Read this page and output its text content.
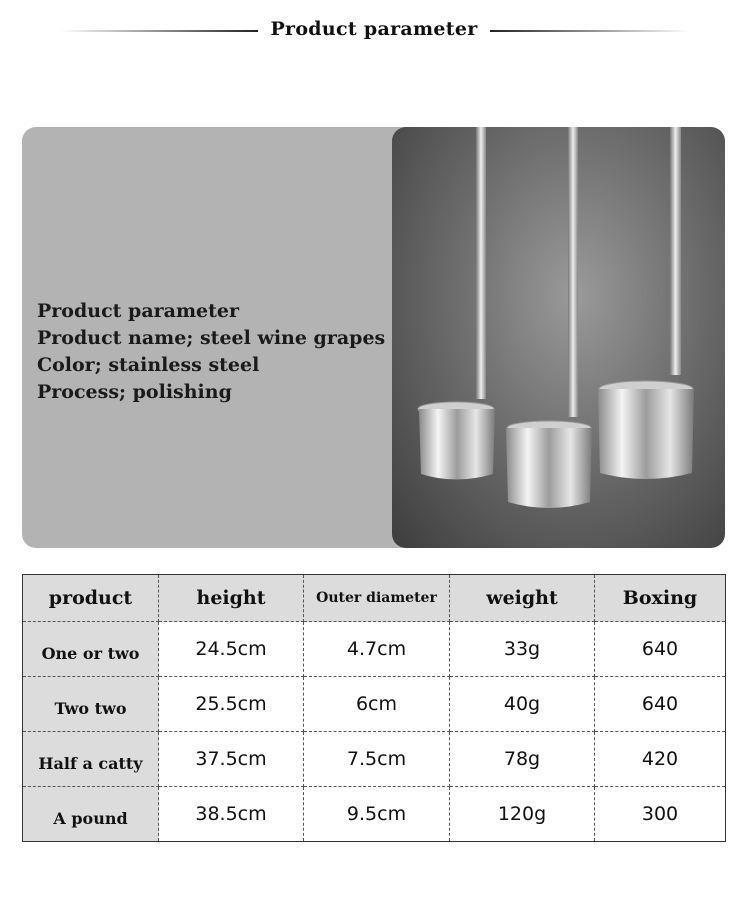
Product parameter
Product parameter
Product name; steel wine grapes
Color; stainless steel
Process; polishing
product	height	Outer diameter	weight	Boxing
One or two	24.5cm	4.7cm	33g	640
Two two	25.5cm	6cm	40g	640
Half a catty	37.5cm	7.5cm	78g	420
A pound	38.5cm	9.5cm	120g	300
